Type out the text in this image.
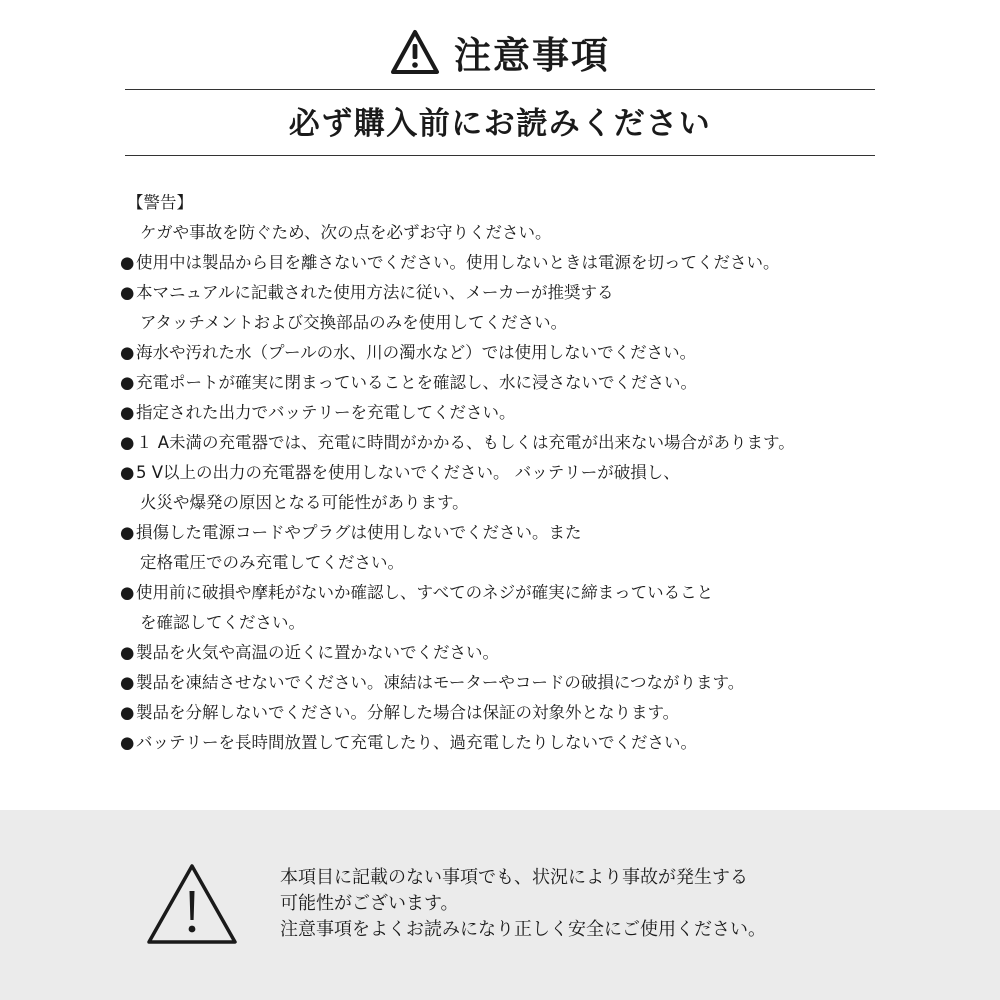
注意事項
必ず購入前にお読みください
【警告】
ケガや事故を防ぐため、次の点を必ずお守りください。
●使用中は製品から目を離さないでください。使用しないときは電源を切ってください。
●本マニュアルに記載された使用方法に従い、メーカーが推奨する
アタッチメントおよび交換部品のみを使用してください。
●海水や汚れた水（プールの水、川の濁水など）では使用しないでください。
●充電ポートが確実に閉まっていることを確認し、水に浸さないでください。
●指定された出力でバッテリーを充電してください。
●１ A未満の充電器では、充電に時間がかかる、もしくは充電が出来ない場合があります。
●5 V以上の出力の充電器を使用しないでください。 バッテリーが破損し、
火災や爆発の原因となる可能性があります。
●損傷した電源コードやプラグは使用しないでください。また
定格電圧でのみ充電してください。
●使用前に破損や摩耗がないか確認し、すべてのネジが確実に締まっていること
を確認してください。
●製品を火気や高温の近くに置かないでください。
●製品を凍結させないでください。凍結はモーターやコードの破損につながります。
●製品を分解しないでください。分解した場合は保証の対象外となります。
●バッテリーを長時間放置して充電したり、過充電したりしないでください。
本項目に記載のない事項でも、状況により事故が発生する
可能性がございます。
注意事項をよくお読みになり正しく安全にご使用ください。
